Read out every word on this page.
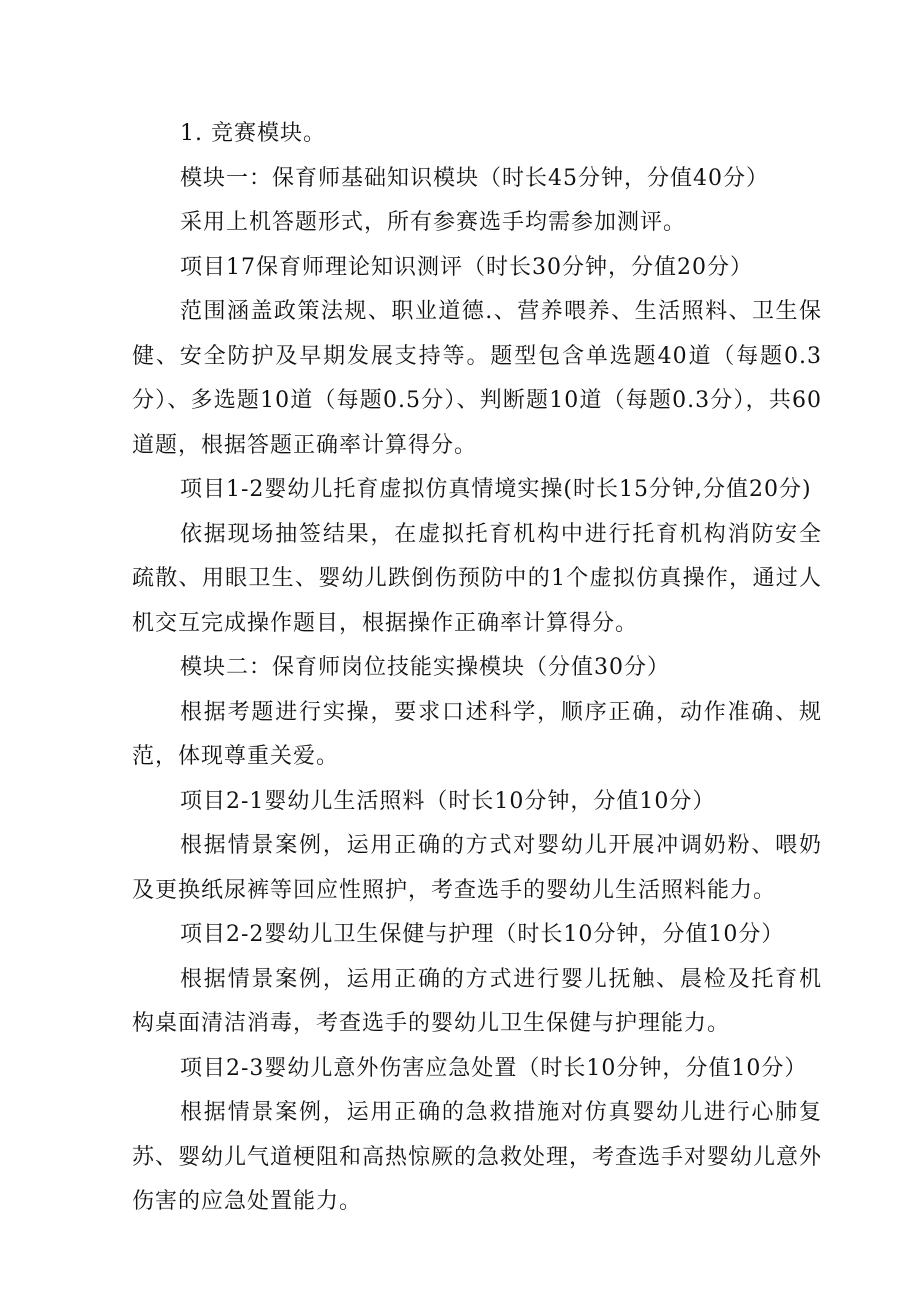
1. 竞赛模块。

模块一：保育师基础知识模块（时长45分钟，分值40分）

采用上机答题形式，所有参赛选手均需参加测评。

项目17保育师理论知识测评（时长30分钟，分值20分）

范围涵盖政策法规、职业道德.、营养喂养、生活照料、卫生保健、安全防护及早期发展支持等。题型包含单选题40道（每题0.3分）、多选题10道（每题0.5分）、判断题10道（每题0.3分），共60道题，根据答题正确率计算得分。

项目1-2婴幼儿托育虚拟仿真情境实操(时长15分钟,分值20分)

依据现场抽签结果，在虚拟托育机构中进行托育机构消防安全疏散、用眼卫生、婴幼儿跌倒伤预防中的1个虚拟仿真操作，通过人机交互完成操作题目，根据操作正确率计算得分。

模块二：保育师岗位技能实操模块（分值30分）

根据考题进行实操，要求口述科学，顺序正确，动作准确、规范，体现尊重关爱。

项目2-1婴幼儿生活照料（时长10分钟，分值10分）

根据情景案例，运用正确的方式对婴幼儿开展冲调奶粉、喂奶及更换纸尿裤等回应性照护，考查选手的婴幼儿生活照料能力。

项目2-2婴幼儿卫生保健与护理（时长10分钟，分值10分）

根据情景案例，运用正确的方式进行婴儿抚触、晨检及托育机构桌面清洁消毒，考查选手的婴幼儿卫生保健与护理能力。

项目2-3婴幼儿意外伤害应急处置（时长10分钟，分值10分）

根据情景案例，运用正确的急救措施对仿真婴幼儿进行心肺复苏、婴幼儿气道梗阻和高热惊厥的急救处理，考查选手对婴幼儿意外伤害的应急处置能力。
